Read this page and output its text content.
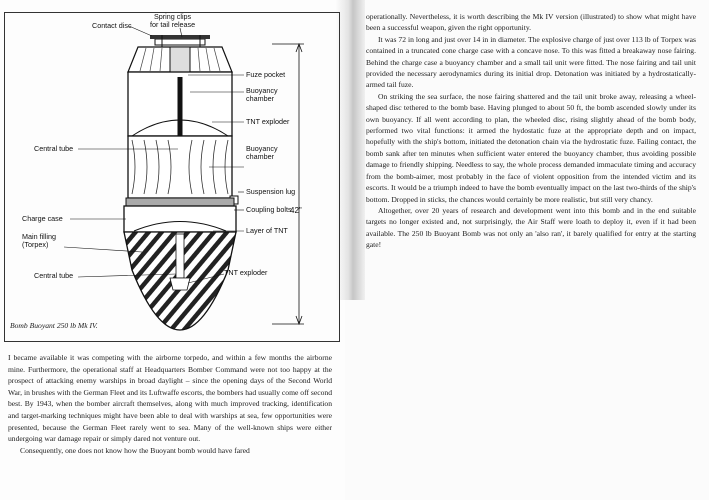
Spring clips
for tail release
Contact disc
Fuze pocket
Buoyancy
chamber
TNT exploder
Central tube	Buoyancy
chamber
Suspension lug
Coupling bolts
42"
Charge case
Layer of TNT
Main filling
(Torpex)
TNT exploder
Central tube
Bomb Buoyant 250 lb Mk IV.

I became available it was competing with the airborne torpedo, and within a few months the airborne mine. Furthermore, the operational staff at Headquarters Bomber Command were not too happy at the prospect of attacking enemy warships in broad daylight – since the opening days of the Second World War, in brushes with the German Fleet and its Luftwaffe escorts, the bombers had usually come off second best. By 1943, when the bomber aircraft themselves, along with much improved tracking, identification and target-marking techniques might have been able to deal with warships at sea, few opportunities were presented, because the German Fleet rarely went to sea. Many of the well-known ships were either undergoing war damage repair or simply dared not venture out.

Consequently, one does not know how the Buoyant bomb would have fared

operationally. Nevertheless, it is worth describing the Mk IV version (illustrated) to show what might have been a successful weapon, given the right opportunity.

It was 72 in long and just over 14 in in diameter. The explosive charge of just over 113 lb of Torpex was contained in a truncated cone charge case with a concave nose. To this was fitted a breakaway nose fairing. Behind the charge case a buoyancy chamber and a small tail unit were fitted. The nose fairing and tail unit provided the necessary aerodynamics during its initial drop. Detonation was initiated by a hydrostatically-armed tail fuze.

On striking the sea surface, the nose fairing shattered and the tail unit broke away, releasing a wheel-shaped disc tethered to the bomb base. Having plunged to about 50 ft, the bomb ascended slowly under its own buoyancy. If all went according to plan, the wheeled disc, rising slightly ahead of the bomb body, performed two vital functions: it armed the hydostatic fuze at the appropriate depth and on impact, hopefully with the ship's bottom, initiated the detonation chain via the hydrostatic fuze. Failing contact, the bomb sank after ten minutes when sufficient water entered the buoyancy chamber, thus avoiding possible damage to friendly shipping. Needless to say, the whole process demanded immaculate timing and accuracy from the bomb-aimer, most probably in the face of violent opposition from the intended victim and its escorts. It would be a triumph indeed to have the bomb eventually impact on the last two-thirds of the ship's bottom. Dropped in sticks, the chances would certainly be more realistic, but still very chancy.

Altogether, over 20 years of research and development went into this bomb and in the end suitable targets no longer existed and, not surprisingly, the Air Staff were loath to deploy it, even if it had been available. The 250 lb Buoyant Bomb was not only an 'also ran', it barely qualified for entry at the starting gate!
